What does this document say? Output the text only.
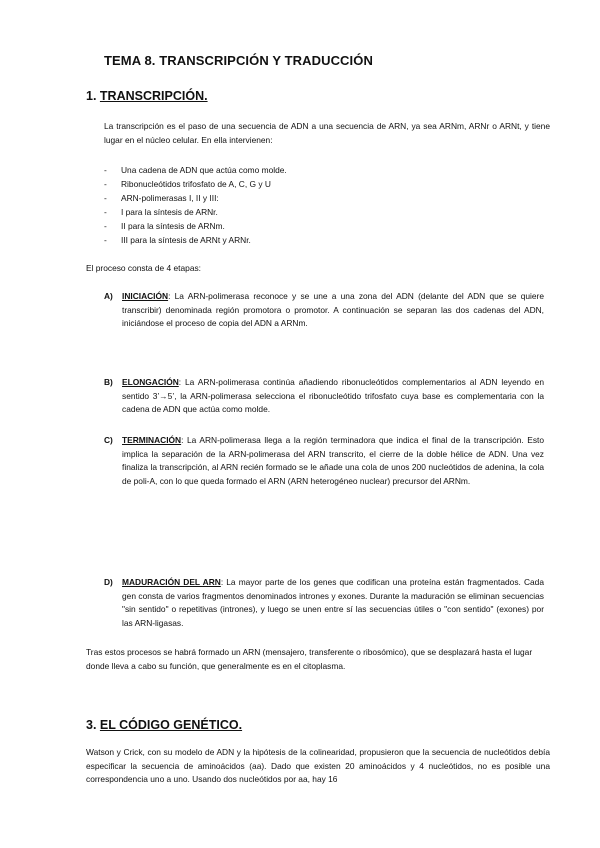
TEMA 8. TRANSCRIPCIÓN Y TRADUCCIÓN
1. TRANSCRIPCIÓN.

La transcripción es el paso de una secuencia de ADN a una secuencia de ARN, ya sea ARNm, ARNr o ARNt, y tiene lugar en el núcleo celular. En ella intervienen:

- Una cadena de ADN que actúa como molde.
- Ribonucleótidos trifosfato de A, C, G y U
- ARN-polimerasas I, II y III:
- I para la síntesis de ARNr.
- II para la síntesis de ARNm.
- III para la síntesis de ARNt y ARNr.

El proceso consta de 4 etapas:

A) INICIACIÓN: La ARN-polimerasa reconoce y se une a una zona del ADN (delante del ADN que se quiere transcribir) denominada región promotora o promotor. A continuación se separan las dos cadenas del ADN, iniciándose el proceso de copia del ADN a ARNm.
B) ELONGACIÓN: La ARN-polimerasa continúa añadiendo ribonucleótidos complementarios al ADN leyendo en sentido 3’→5’, la ARN-polimerasa selecciona el ribonucleótido trifosfato cuya base es complementaria con la cadena de ADN que actúa como molde.
C) TERMINACIÓN: La ARN-polimerasa llega a la región terminadora que indica el final de la transcripción. Esto implica la separación de la ARN-polimerasa del ARN transcrito, el cierre de la doble hélice de ADN. Una vez finaliza la transcripción, al ARN recién formado se le añade una cola de unos 200 nucleótidos de adenina, la cola de poli-A, con lo que queda formado el ARN (ARN heterogéneo nuclear) precursor del ARNm.
D) MADURACIÓN DEL ARN: La mayor parte de los genes que codifican una proteína están fragmentados. Cada gen consta de varios fragmentos denominados intrones y exones. Durante la maduración se eliminan secuencias "sin sentido" o repetitivas (intrones), y luego se unen entre sí las secuencias útiles o "con sentido" (exones) por las ARN-ligasas.

Tras estos procesos se habrá formado un ARN (mensajero, transferente o ribosómico), que se desplazará hasta el lugar donde lleva a cabo su función, que generalmente es en el citoplasma.

3. EL CÓDIGO GENÉTICO.

Watson y Crick, con su modelo de ADN y la hipótesis de la colinearidad, propusieron que la secuencia de nucleótidos debía especificar la secuencia de aminoácidos (aa). Dado que existen 20 aminoácidos y 4 nucleótidos, no es posible una correspondencia uno a uno. Usando dos nucleótidos por aa, hay 16
